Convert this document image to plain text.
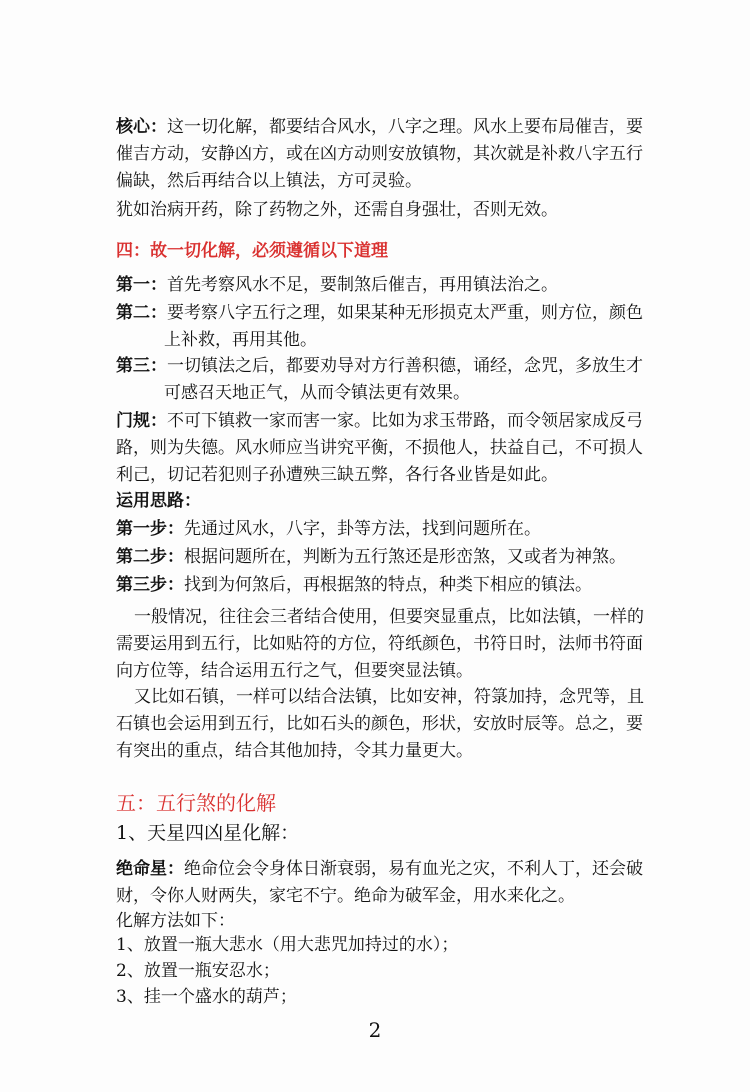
核心：这一切化解，都要结合风水，八字之理。风水上要布局催吉，要催吉方动，安静凶方，或在凶方动则安放镇物，其次就是补救八字五行偏缺，然后再结合以上镇法，方可灵验。
犹如治病开药，除了药物之外，还需自身强壮，否则无效。
四：故一切化解，必须遵循以下道理
第一：首先考察风水不足，要制煞后催吉，再用镇法治之。
第二：要考察八字五行之理，如果某种无形损克太严重，则方位，颜色上补救，再用其他。
第三：一切镇法之后，都要劝导对方行善积德，诵经，念咒，多放生才可感召天地正气，从而令镇法更有效果。
门规：不可下镇救一家而害一家。比如为求玉带路，而令领居家成反弓路，则为失德。风水师应当讲究平衡，不损他人，扶益自己，不可损人利己，切记若犯则子孙遭殃三缺五弊，各行各业皆是如此。
运用思路：
第一步：先通过风水，八字，卦等方法，找到问题所在。
第二步：根据问题所在，判断为五行煞还是形峦煞，又或者为神煞。
第三步：找到为何煞后，再根据煞的特点，种类下相应的镇法。
一般情况，往往会三者结合使用，但要突显重点，比如法镇，一样的需要运用到五行，比如贴符的方位，符纸颜色，书符日时，法师书符面向方位等，结合运用五行之气，但要突显法镇。
又比如石镇，一样可以结合法镇，比如安神，符箓加持，念咒等，且石镇也会运用到五行，比如石头的颜色，形状，安放时辰等。总之，要有突出的重点，结合其他加持，令其力量更大。
五：五行煞的化解
1、天星四凶星化解：
绝命星：绝命位会令身体日渐衰弱，易有血光之灾，不利人丁，还会破财，令你人财两失，家宅不宁。绝命为破军金，用水来化之。
化解方法如下：
1、放置一瓶大悲水（用大悲咒加持过的水）；
2、放置一瓶安忍水；
3、挂一个盛水的葫芦；
2
